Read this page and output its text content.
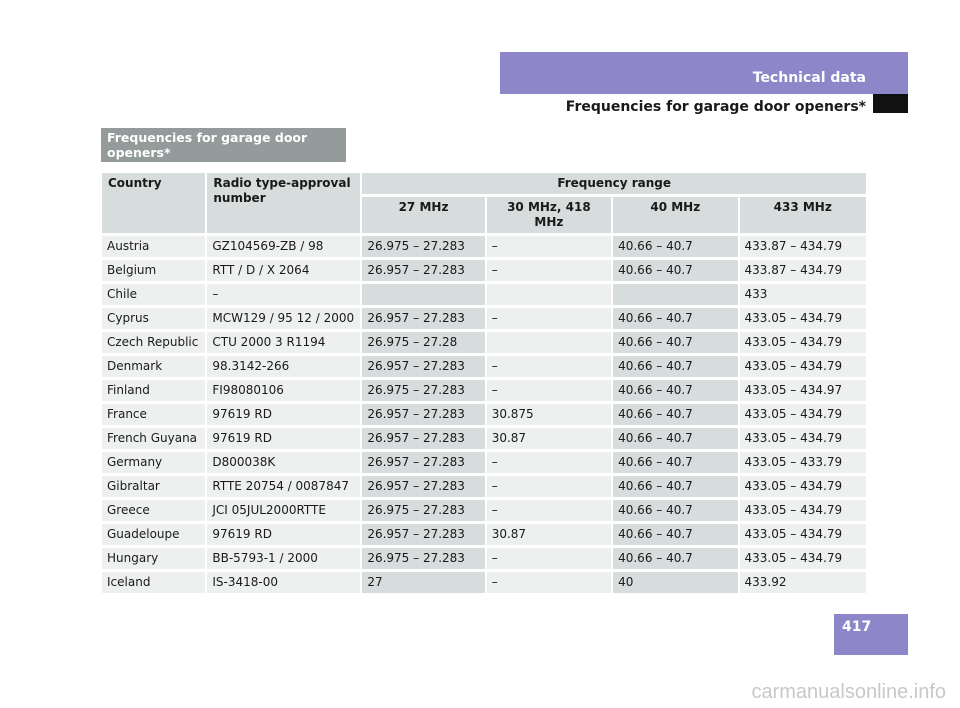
Technical data
Frequencies for garage door openers*
Frequencies for garage door openers*
Country	Radio type-approval number	Frequency range			
		27 MHz	30 MHz, 418 MHz	40 MHz	433 MHz
Austria	GZ104569-ZB / 98	26.975 – 27.283	–	40.66 – 40.7	433.87 – 434.79
Belgium	RTT / D / X 2064	26.957 – 27.283	–	40.66 – 40.7	433.87 – 434.79
Chile	–				433
Cyprus	MCW129 / 95 12 / 2000	26.957 – 27.283	–	40.66 – 40.7	433.05 – 434.79
Czech Republic	CTU 2000 3 R1194	26.975 – 27.28		40.66 – 40.7	433.05 – 434.79
Denmark	98.3142-266	26.957 – 27.283	–	40.66 – 40.7	433.05 – 434.79
Finland	FI98080106	26.975 – 27.283	–	40.66 – 40.7	433.05 – 434.97
France	97619 RD	26.957 – 27.283	30.875	40.66 – 40.7	433.05 – 434.79
French Guyana	97619 RD	26.957 – 27.283	30.87	40.66 – 40.7	433.05 – 434.79
Germany	D800038K	26.957 – 27.283	–	40.66 – 40.7	433.05 – 433.79
Gibraltar	RTTE 20754 / 0087847	26.957 – 27.283	–	40.66 – 40.7	433.05 – 434.79
Greece	JCI 05JUL2000RTTE	26.975 – 27.283	–	40.66 – 40.7	433.05 – 434.79
Guadeloupe	97619 RD	26.957 – 27.283	30.87	40.66 – 40.7	433.05 – 434.79
Hungary	BB-5793-1 / 2000	26.975 – 27.283	–	40.66 – 40.7	433.05 – 434.79
Iceland	IS-3418-00	27	–	40	433.92
417
carmanualsonline.info
